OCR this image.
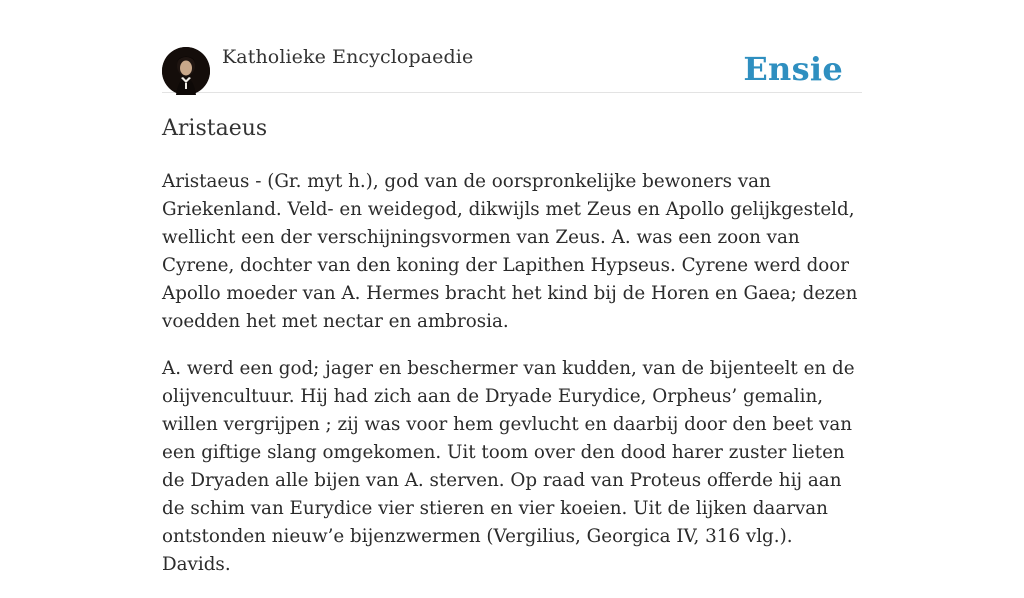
Katholieke Encyclopaedie	Ensie
Aristaeus

Aristaeus - (Gr. myt h.), god van de oorspronkelijke bewoners van Griekenland. Veld- en weidegod, dikwijls met Zeus en Apollo gelijkgesteld, wellicht een der verschijningsvormen van Zeus. A. was een zoon van Cyrene, dochter van den koning der Lapithen Hypseus. Cyrene werd door Apollo moeder van A. Hermes bracht het kind bij de Horen en Gaea; dezen voedden het met nectar en ambrosia.

A. werd een god; jager en beschermer van kudden, van de bijenteelt en de olijvencultuur. Hij had zich aan de Dryade Eurydice, Orpheus’ gemalin, willen vergrijpen ; zij was voor hem gevlucht en daarbij door den beet van een giftige slang omgekomen. Uit toom over den dood harer zuster lieten de Dryaden alle bijen van A. sterven. Op raad van Proteus offerde hij aan de schim van Eurydice vier stieren en vier koeien. Uit de lijken daarvan ontstonden nieuw’e bijenzwermen (Vergilius, Georgica IV, 316 vlg.). Davids.
